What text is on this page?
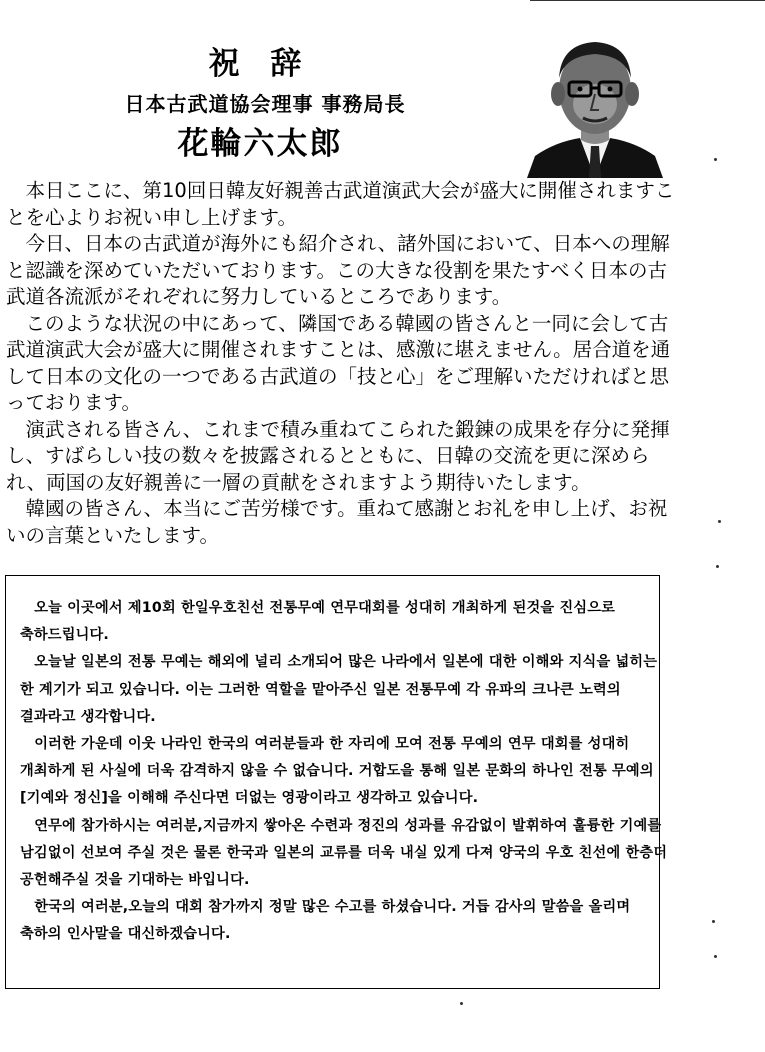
祝 辞
日本古武道協会理事 事務局長
花輪六太郎

本日ここに、第10回日韓友好親善古武道演武大会が盛大に開催されますことを心よりお祝い申し上げます。

今日、日本の古武道が海外にも紹介され、諸外国において、日本への理解と認識を深めていただいております。この大きな役割を果たすべく日本の古武道各流派がそれぞれに努力しているところであります。

このような状況の中にあって、隣国である韓國の皆さんと一同に会して古武道演武大会が盛大に開催されますことは、感激に堪えません。居合道を通して日本の文化の一つである古武道の「技と心」をご理解いただければと思っております。

演武される皆さん、これまで積み重ねてこられた鍛錬の成果を存分に発揮し、すばらしい技の数々を披露されるとともに、日韓の交流を更に深められ、両国の友好親善に一層の貢献をされますよう期待いたします。

韓國の皆さん、本当にご苦労様です。重ねて感謝とお礼を申し上げ、お祝いの言葉といたします。

오늘 이곳에서 제10회 한일우호친선 전통무예 연무대회를 성대히 개최하게 된것을 진심으로 축하드립니다.

오늘날 일본의 전통 무예는 해외에 널리 소개되어 많은 나라에서 일본에 대한 이해와 지식을 넓히는 한 계기가 되고 있습니다. 이는 그러한 역할을 맡아주신 일본 전통무예 각 유파의 크나큰 노력의 결과라고 생각합니다.

이러한 가운데 이웃 나라인 한국의 여러분들과 한 자리에 모여 전통 무예의 연무 대회를 성대히 개최하게 된 사실에 더욱 감격하지 않을 수 없습니다. 거합도을 통해 일본 문화의 하나인 전통 무예의 [기예와 정신]을 이해해 주신다면 더없는 영광이라고 생각하고 있습니다.

연무에 참가하시는 여러분,지금까지 쌓아온 수련과 정진의 성과를 유감없이 발휘하여 훌륭한 기예를 남김없이 선보여 주실 것은 물론 한국과 일본의 교류를 더욱 내실 있게 다져 양국의 우호 친선에 한층더 공헌해주실 것을 기대하는 바입니다.

한국의 여러분,오늘의 대회 참가까지 정말 많은 수고를 하셨습니다. 거듭 감사의 말씀을 올리며 축하의 인사말을 대신하겠습니다.
